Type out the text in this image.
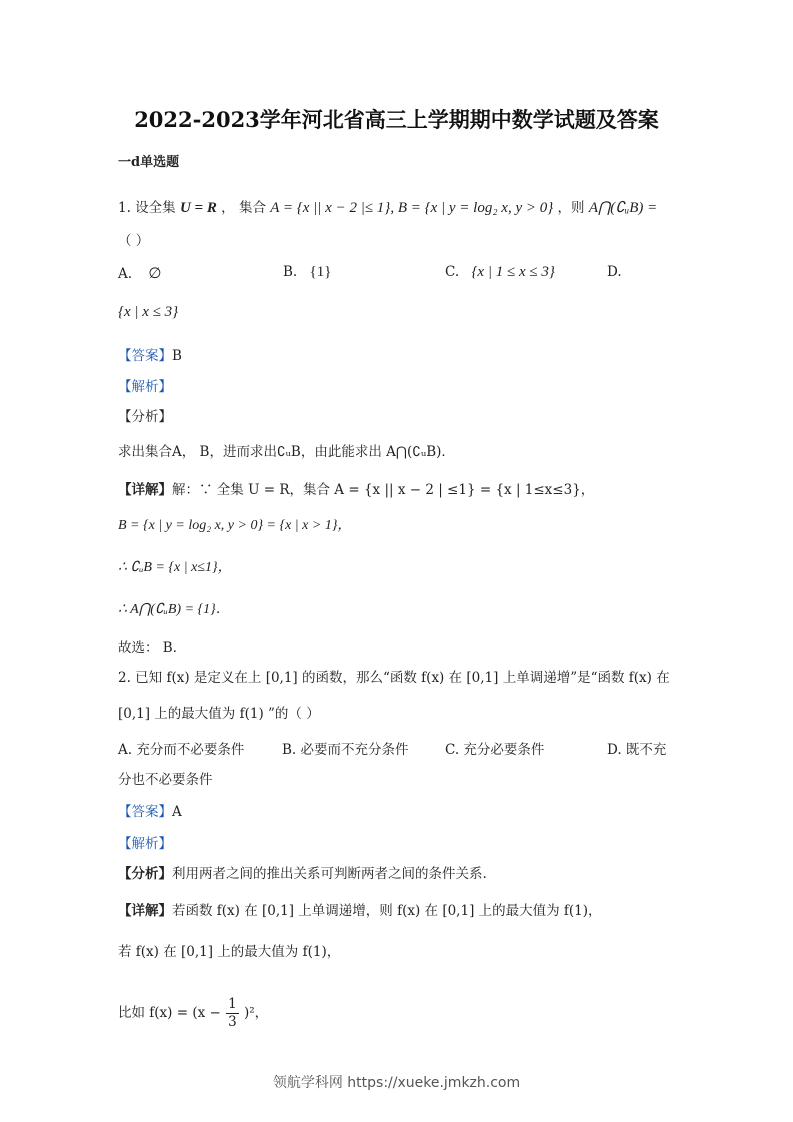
2022-2023学年河北省高三上学期期中数学试题及答案
一d单选题
1. 设全集 U = R ， 集合 A = {x || x − 2 |≤ 1}, B = {x | y = log₂ x, y > 0} ，则 A⋂(∁ᵤB) =
（ ）
A. ∅	B. {1}	C. {x | 1 ≤ x ≤ 3}	D.
{x | x ≤ 3}
【答案】B
【解析】
【分析】
求出集合A， B，进而求出∁ᵤB，由此能求出 A⋂(∁ᵤB)．
【详解】解：∵ 全集 U = R，集合 A = {x || x − 2 | ≤1} = {x | 1≤x≤3}，
B = {x | y = log₂ x, y > 0} = {x | x > 1}，
∴ ∁ᵤB = {x | x≤1}，
∴ A⋂(∁ᵤB) = {1}．
故选： B．
2. 已知 f(x) 是定义在上 [0,1] 的函数，那么“函数 f(x) 在 [0,1] 上单调递增”是“函数 f(x) 在
[0,1] 上的最大值为 f(1) ”的（ ）
A. 充分而不必要条件	B. 必要而不充分条件	C. 充分必要条件	D. 既不充
分也不必要条件
【答案】A
【解析】
【分析】利用两者之间的推出关系可判断两者之间的条件关系.
【详解】若函数 f(x) 在 [0,1] 上单调递增，则 f(x) 在 [0,1] 上的最大值为 f(1)，
若 f(x) 在 [0,1] 上的最大值为 f(1)，
比如 $f(x) = (x - \frac{1}{3} )^2$，
领航学科网 https://xueke.jmkzh.com
